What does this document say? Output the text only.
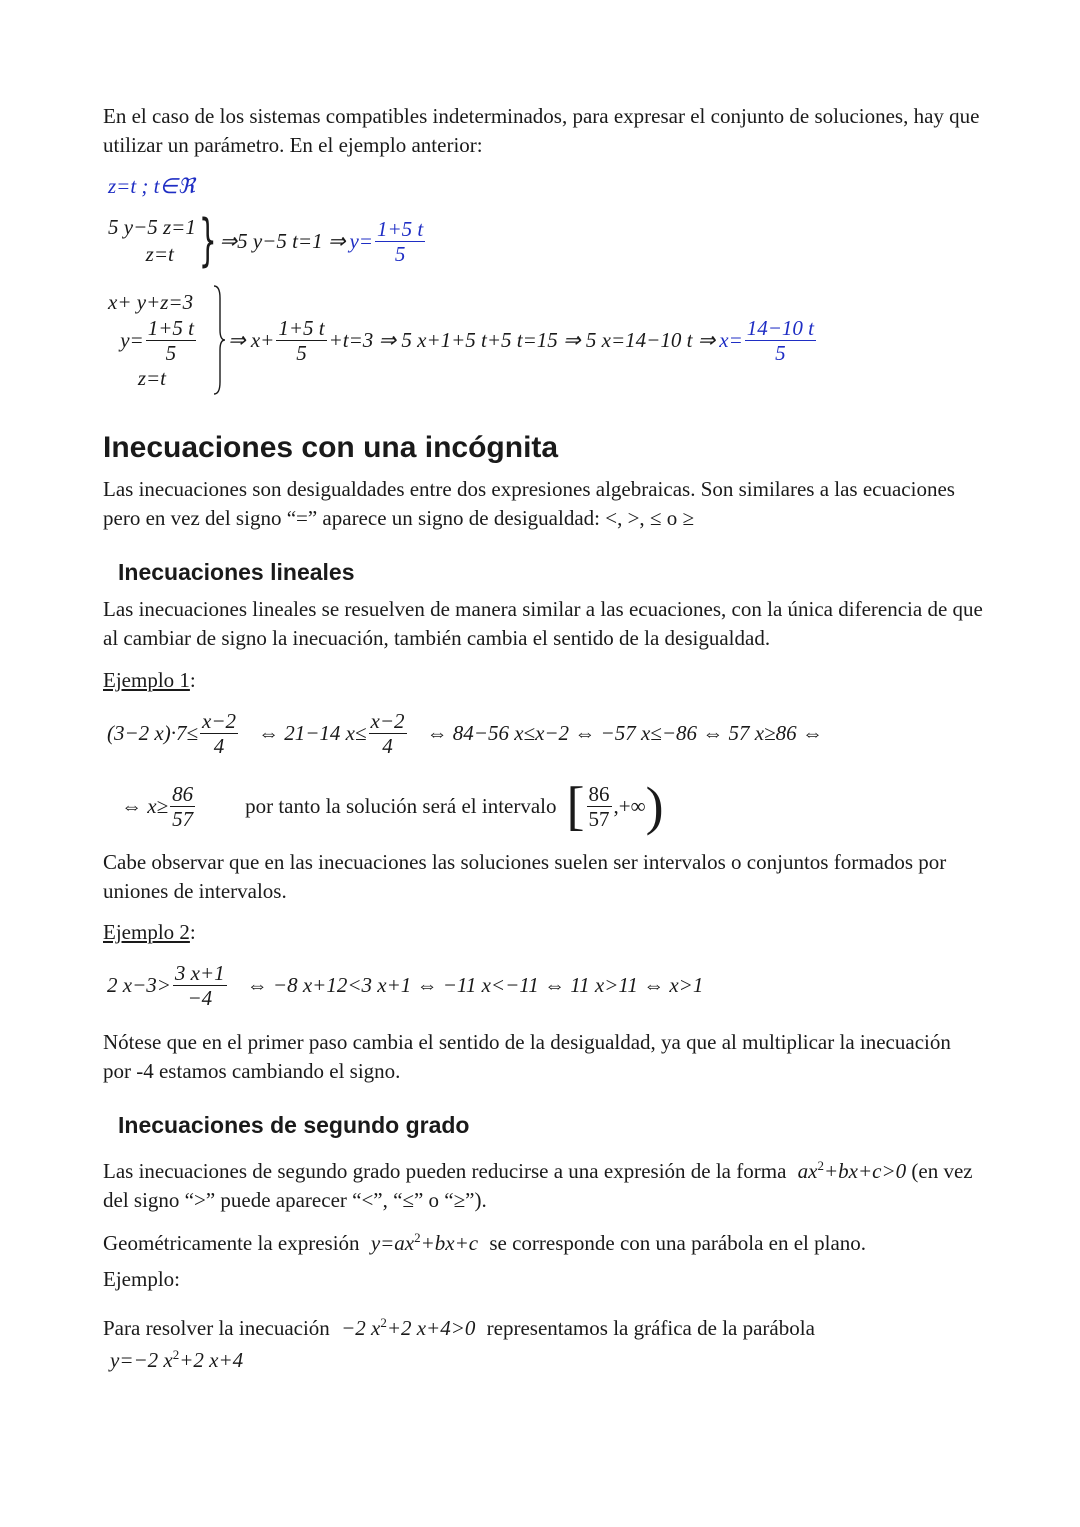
En el caso de los sistemas compatibles indeterminados, para expresar el conjunto de soluciones, hay que utilizar un parámetro. En el ejemplo anterior:

z=t ; t∈ℜ
5 y−5 z=1
z=t } ⇒5 y−5 t=1 ⇒ $y= \frac{1+5 t}{5}$
x+ y+z=3
$y= \frac{1+5 t}{5}$
z=t
⇒ $x+ \frac{1+5 t}{5} +t=3$ ⇒ 5 x+1+5 t+5 t=15 ⇒ 5 x=14−10 t ⇒ $x= \frac{14-10 t}{5}$
Inecuaciones con una incógnita

Las inecuaciones son desigualdades entre dos expresiones algebraicas. Son similares a las ecuaciones pero en vez del signo “=” aparece un signo de desigualdad: <, >, ≤ o ≥

Inecuaciones lineales

Las inecuaciones lineales se resuelven de manera similar a las ecuaciones, con la única diferencia de que al cambiar de signo la inecuación, también cambia el sentido de la desigualdad.

Ejemplo 1:

(3−2 $x)\cdot 7\le \frac{x-2}{4}$ ⇔ 21−14 $x\le \frac{x-2}{4}$ ⇔ 84−56 x≤x−2 ⇔ −57 x≤−86 ⇔ 57 x≥86 ⇔
⇔ $x\ge \frac{86}{57}$ por tanto la solución será el intervalo [ $\frac{86}{57}$ ,+∞ )

Cabe observar que en las inecuaciones las soluciones suelen ser intervalos o conjuntos formados por uniones de intervalos.

Ejemplo 2:

2 $x-3> \frac{3 x+1}{-4}$ ⇔ −8 x+12<3 x+1 ⇔ −11 x<−11 ⇔ 11 x>11 ⇔ x>1

Nótese que en el primer paso cambia el sentido de la desigualdad, ya que al multiplicar la inecuación por -4 estamos cambiando el signo.

Inecuaciones de segundo grado

Las inecuaciones de segundo grado pueden reducirse a una expresión de la forma $ax^2+bx+c>0$ (en vez del signo “>” puede aparecer “<”, “≤” o “≥”).

Geométricamente la expresión $y=ax^2+bx+c$ se corresponde con una parábola en el plano.

Ejemplo:

Para resolver la inecuación −2 $x^2+2$ x+4>0 representamos la gráfica de la parábola

y=−2 $x^2+2$ x+4
